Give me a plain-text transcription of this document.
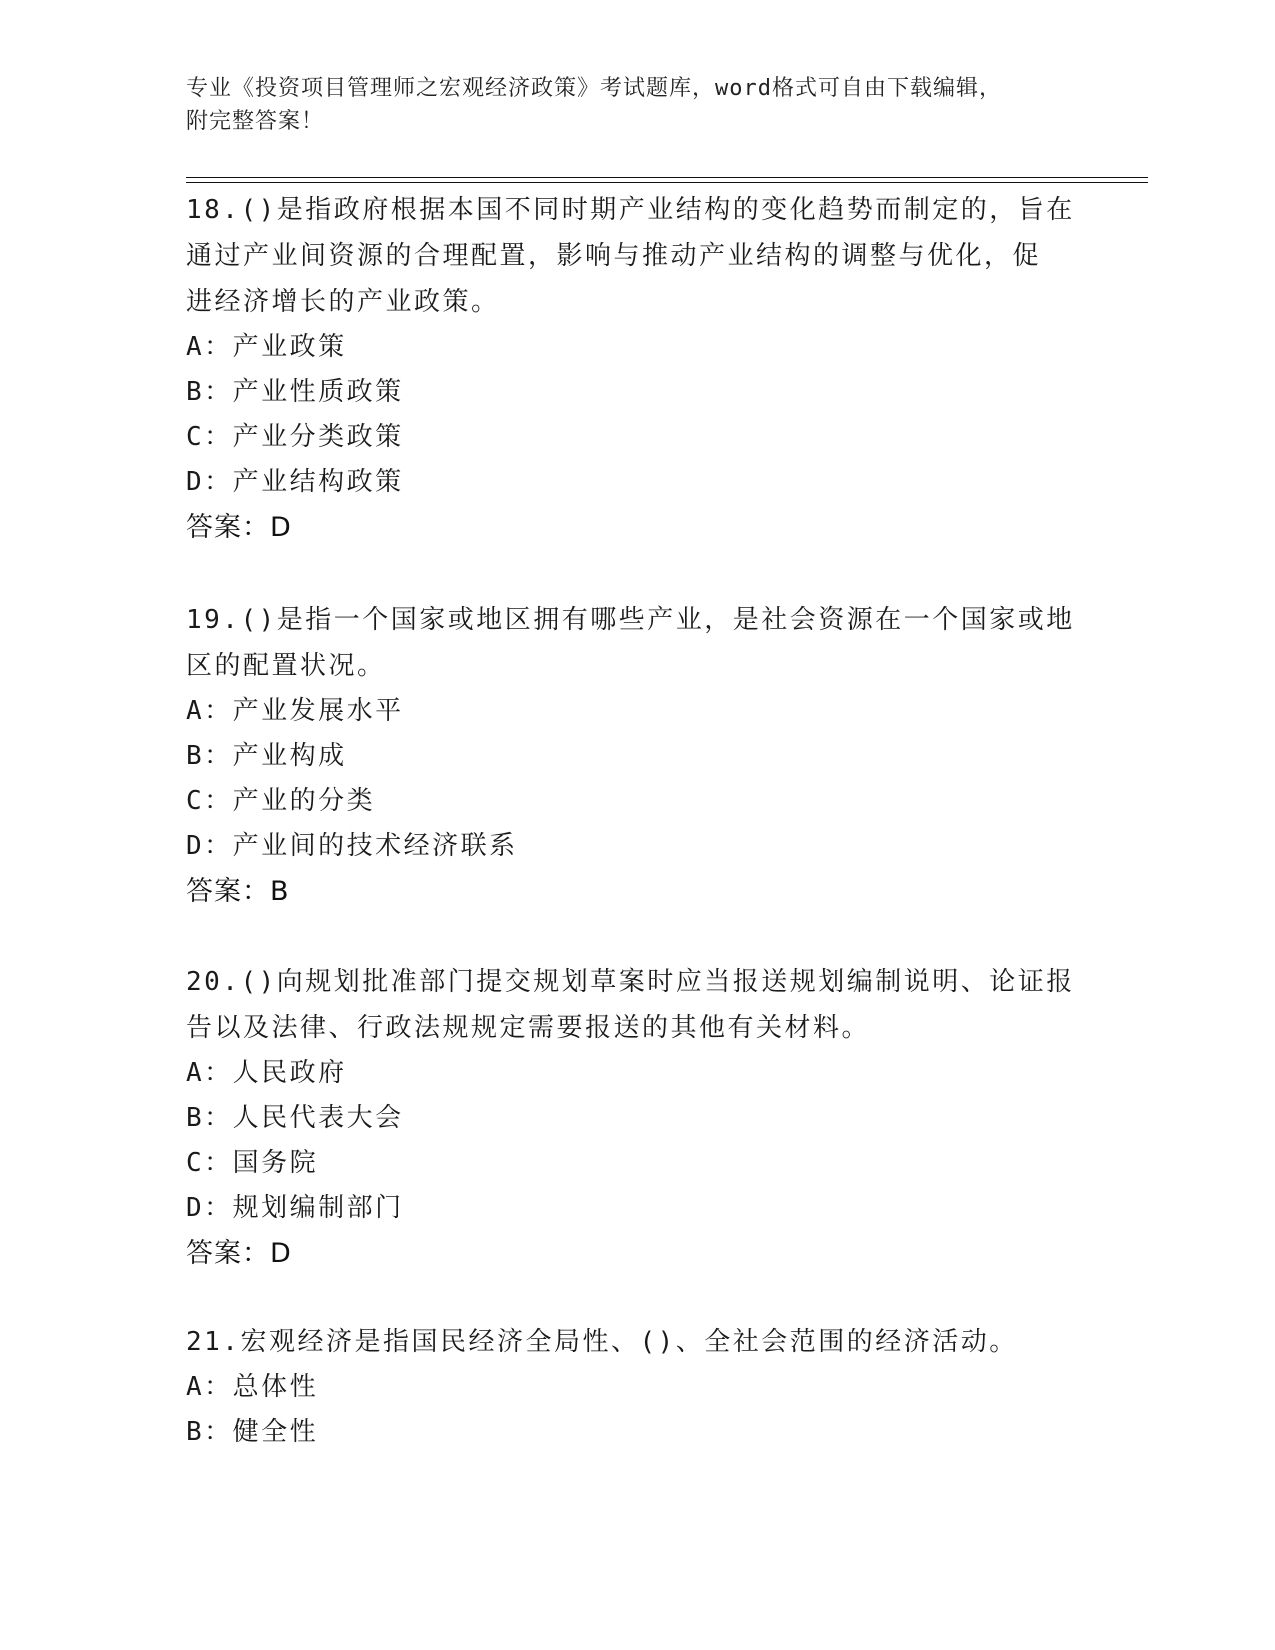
专业《投资项目管理师之宏观经济政策》考试题库，word格式可自由下载编辑，
附完整答案！
18.()是指政府根据本国不同时期产业结构的变化趋势而制定的，旨在
通过产业间资源的合理配置，影响与推动产业结构的调整与优化，促
进经济增长的产业政策。
A：产业政策
B：产业性质政策
C：产业分类政策
D：产业结构政策
答案：D
19.()是指一个国家或地区拥有哪些产业，是社会资源在一个国家或地
区的配置状况。
A：产业发展水平
B：产业构成
C：产业的分类
D：产业间的技术经济联系
答案：B
20.()向规划批准部门提交规划草案时应当报送规划编制说明、论证报
告以及法律、行政法规规定需要报送的其他有关材料。
A：人民政府
B：人民代表大会
C：国务院
D：规划编制部门
答案：D
21.宏观经济是指国民经济全局性、()、全社会范围的经济活动。
A：总体性
B：健全性
